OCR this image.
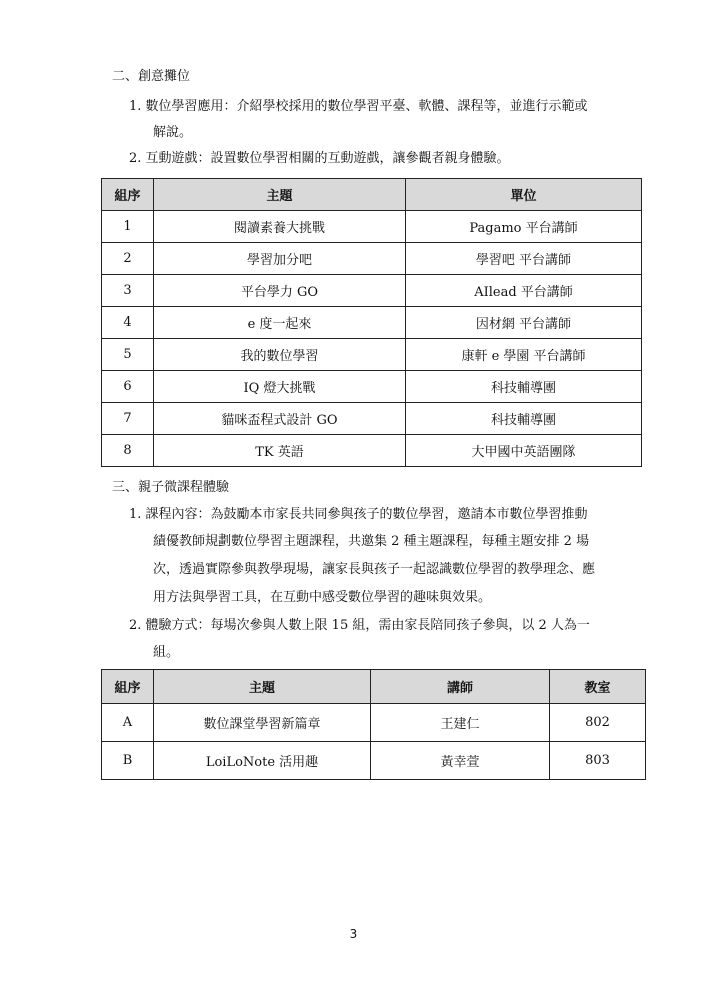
二、創意攤位
1. 數位學習應用：介紹學校採用的數位學習平臺、軟體、課程等，並進行示範或
解說。
2. 互動遊戲：設置數位學習相關的互動遊戲，讓參觀者親身體驗。
組序	主題	單位
1	閱讀素養大挑戰	Pagamo 平台講師
2	學習加分吧	學習吧 平台講師
3	平台學力 GO	AIlead 平台講師
4	e 度一起來	因材網 平台講師
5	我的數位學習	康軒 e 學園 平台講師
6	IQ 燈大挑戰	科技輔導團
7	貓咪盃程式設計 GO	科技輔導團
8	TK 英語	大甲國中英語團隊
三、親子微課程體驗
1. 課程內容：為鼓勵本市家長共同參與孩子的數位學習，邀請本市數位學習推動
績優教師規劃數位學習主題課程，共邀集 2 種主題課程，每種主題安排 2 場
次，透過實際參與教學現場，讓家長與孩子一起認識數位學習的教學理念、應
用方法與學習工具，在互動中感受數位學習的趣味與效果。
2. 體驗方式：每場次參與人數上限 15 組，需由家長陪同孩子參與，以 2 人為一
組。
組序	主題	講師	教室
A	數位課堂學習新篇章	王建仁	802
B	LoiLoNote 活用趣	黃幸萱	803
3
